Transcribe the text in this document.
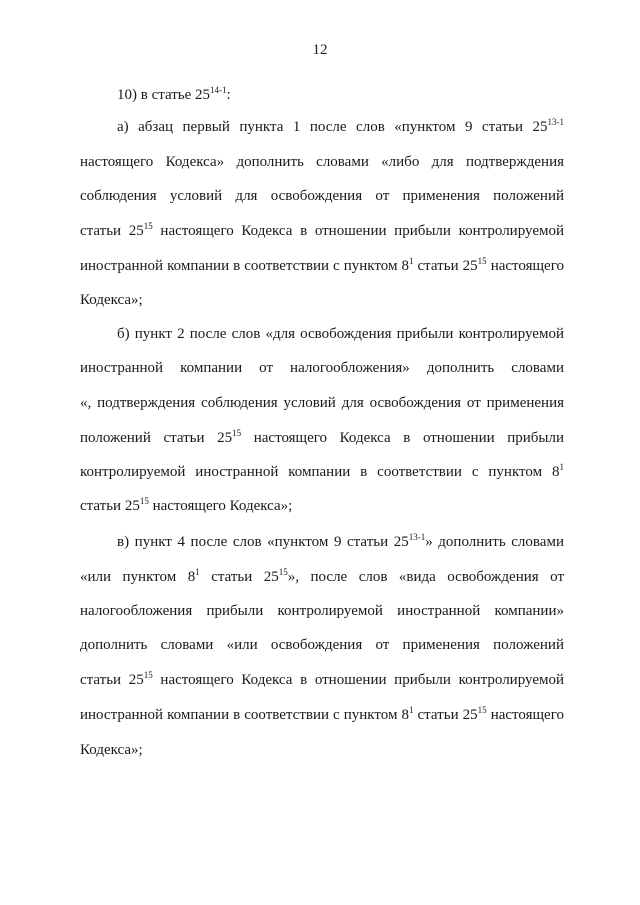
12
10) в статье 25$^{14-1}$:
а) абзац первый пункта 1 после слов «пунктом 9 статьи 25$^{13-1}$
настоящего Кодекса» дополнить словами «либо для подтверждения
соблюдения условий для освобождения от применения положений
статьи $25^{15}$ настоящего Кодекса в отношении прибыли контролируемой
иностранной компании в соответствии с пунктом $8^1$ статьи $25^{15}$ настоящего
Кодекса»;
б) пункт 2 после слов «для освобождения прибыли контролируемой
иностранной компании от налогообложения» дополнить словами
«, подтверждения соблюдения условий для освобождения от применения
положений статьи $25^{15}$ настоящего Кодекса в отношении прибыли
контролируемой иностранной компании в соответствии с пунктом $8^1$
статьи $25^{15}$ настоящего Кодекса»;
в) пункт 4 после слов «пунктом 9 статьи 25$^{13-1}$» дополнить словами
«или пунктом $8^1$ статьи $25^{15}$», после слов «вида освобождения от
налогообложения прибыли контролируемой иностранной компании»
дополнить словами «или освобождения от применения положений
статьи $25^{15}$ настоящего Кодекса в отношении прибыли контролируемой
иностранной компании в соответствии с пунктом $8^1$ статьи $25^{15}$ настоящего
Кодекса»;
